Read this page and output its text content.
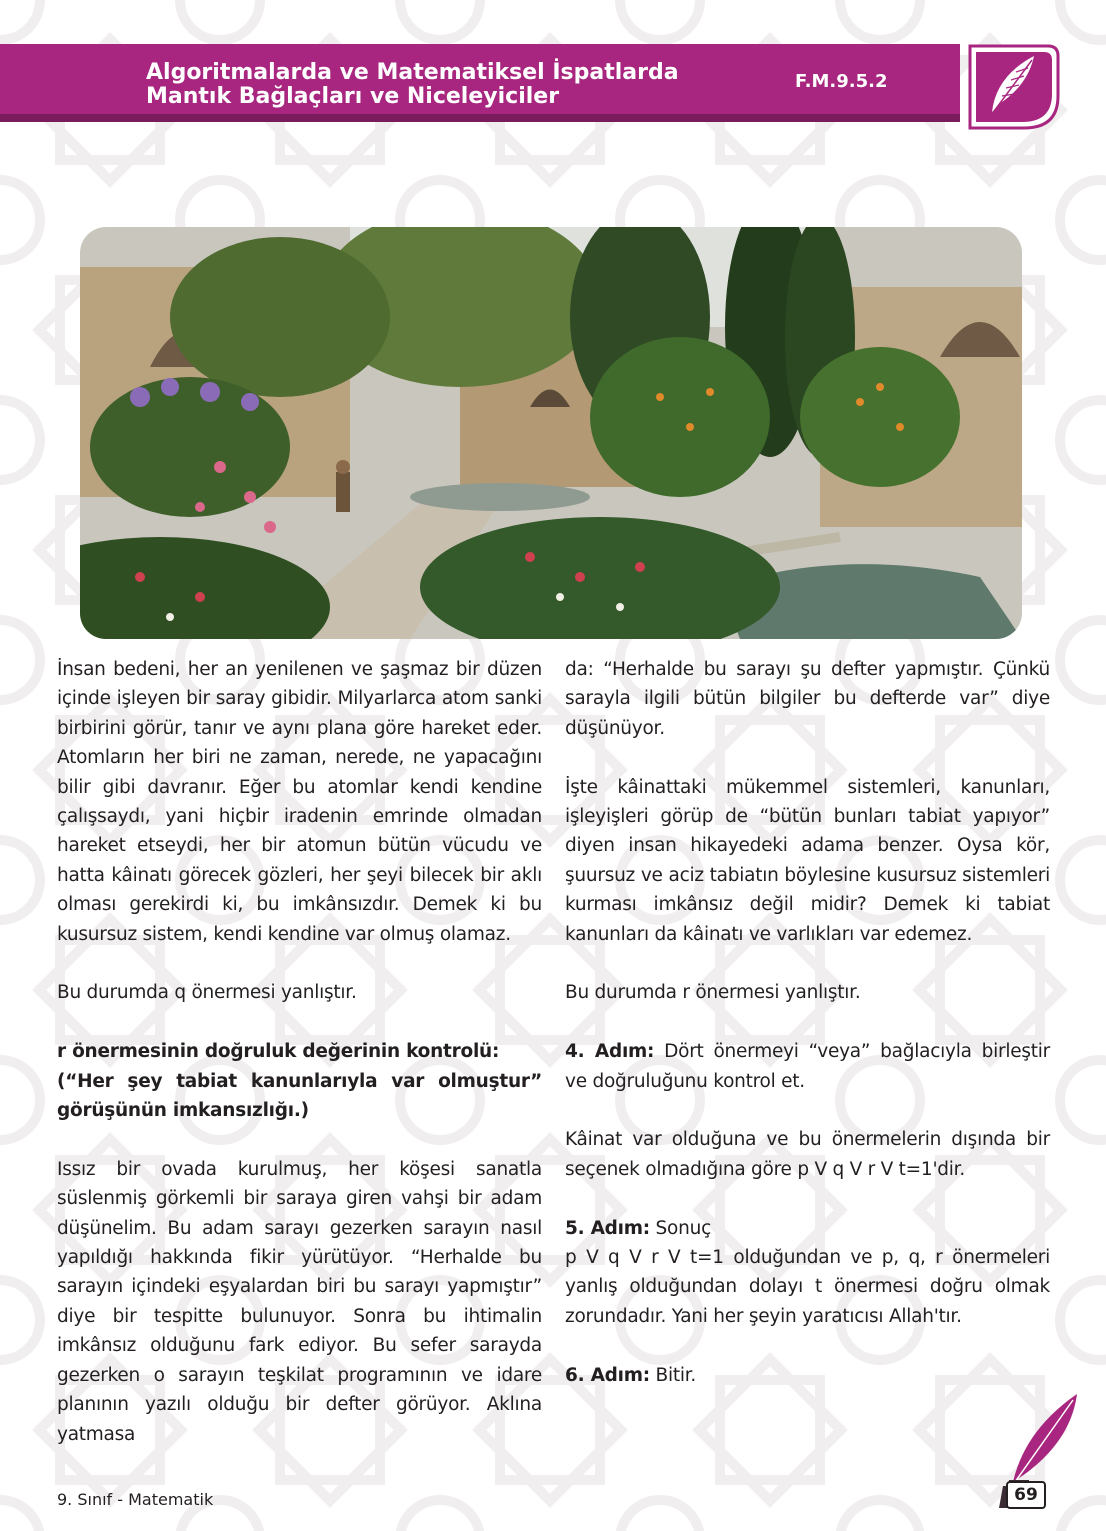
Algoritmalarda ve Matematiksel İspatlarda
Mantık Bağlaçları ve Niceleyiciler
F.M.9.5.2

İnsan bedeni, her an yenilenen ve şaşmaz bir düzen içinde işleyen bir saray gibidir. Milyarlarca atom sanki birbirini görür, tanır ve aynı plana göre hareket eder. Atomların her biri ne zaman, nerede, ne yapacağını bilir gibi davranır. Eğer bu atomlar kendi kendine çalışsaydı, yani hiçbir iradenin emrinde olmadan hareket etseydi, her bir atomun bütün vücudu ve hatta kâinatı görecek gözleri, her şeyi bilecek bir aklı olması gerekirdi ki, bu imkânsızdır. Demek ki bu kusursuz sistem, kendi kendine var olmuş olamaz.

Bu durumda q önermesi yanlıştır.

r önermesinin doğruluk değerinin kontrolü:

(“Her şey tabiat kanunlarıyla var olmuştur” görüşünün imkansızlığı.)

Issız bir ovada kurulmuş, her köşesi sanatla süslenmiş görkemli bir saraya giren vahşi bir adam düşünelim. Bu adam sarayı gezerken sarayın nasıl yapıldığı hakkında fikir yürütüyor. “Herhalde bu sarayın içindeki eşyalardan biri bu sarayı yapmıştır” diye bir tespitte bulunuyor. Sonra bu ihtimalin imkânsız olduğunu fark ediyor. Bu sefer sarayda gezerken o sarayın teşkilat programının ve idare planının yazılı olduğu bir defter görüyor. Aklına yatmasa

da: “Herhalde bu sarayı şu defter yapmıştır. Çünkü sarayla ilgili bütün bilgiler bu defterde var” diye düşünüyor.

İşte kâinattaki mükemmel sistemleri, kanunları, işleyişleri görüp de “bütün bunları tabiat yapıyor” diyen insan hikayedeki adama benzer. Oysa kör, şuursuz ve aciz tabiatın böylesine kusursuz sistemleri kurması imkânsız değil midir? Demek ki tabiat kanunları da kâinatı ve varlıkları var edemez.

Bu durumda r önermesi yanlıştır.

4. Adım: Dört önermeyi “veya” bağlacıyla birleştir ve doğruluğunu kontrol et.

Kâinat var olduğuna ve bu önermelerin dışında bir seçenek olmadığına göre p V q V r V t=1'dir.

5. Adım: Sonuç

p V q V r V t=1 olduğundan ve p, q, r önermeleri yanlış olduğundan dolayı t önermesi doğru olmak zorundadır. Yani her şeyin yaratıcısı Allah'tır.

6. Adım: Bitir.

9. Sınıf - Matematik	69
